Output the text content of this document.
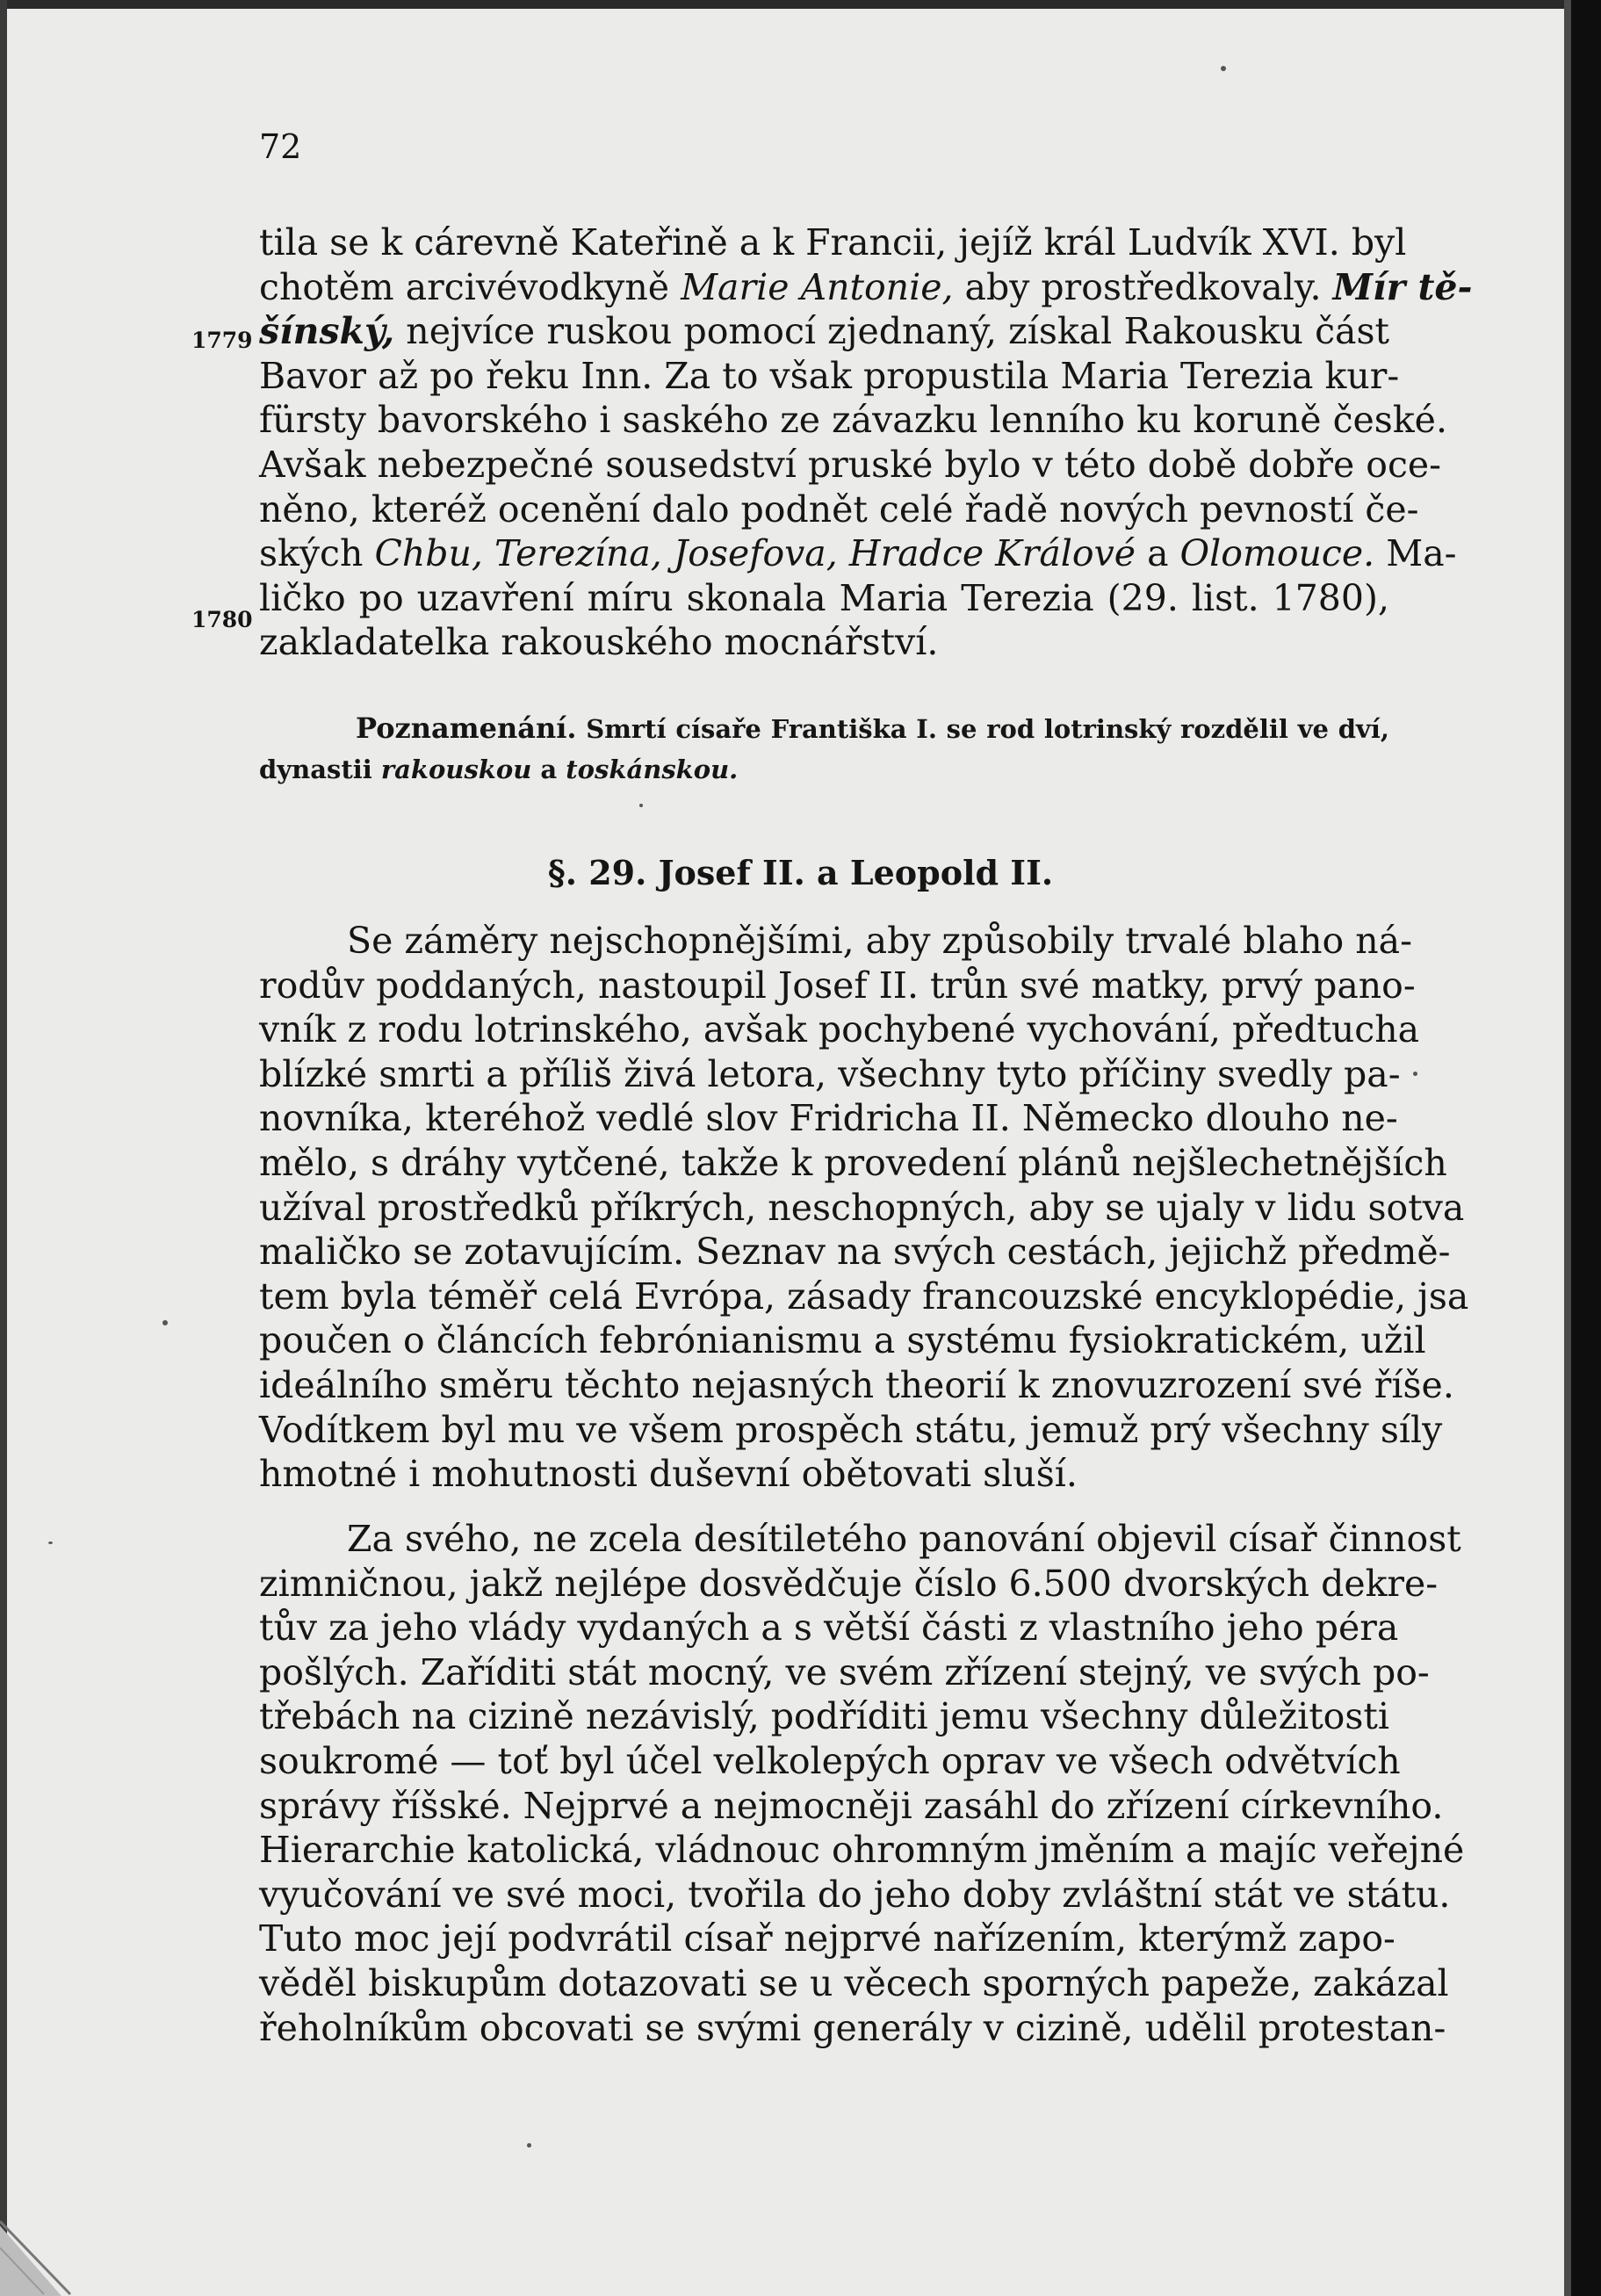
72
1779
1780
tila se k cárevně Kateřině a k Francii, jejíž král Ludvík XVI. byl
chotěm arcivévodkyně Marie Antonie, aby prostředkovaly. Mír tě-
šínský, nejvíce ruskou pomocí zjednaný, získal Rakousku část
Bavor až po řeku Inn. Za to však propustila Maria Terezia kur-
fürsty bavorského i saského ze závazku lenního ku koruně české.
Avšak nebezpečné sousedství pruské bylo v této době dobře oce-
něno, kteréž ocenění dalo podnět celé řadě nových pevností če-
ských Chbu, Terezína, Josefova, Hradce Králové a Olomouce. Ma-
ličko po uzavření míru skonala Maria Terezia (29. list. 1780),
zakladatelka rakouského mocnářství.
Poznamenání. Smrtí císaře Františka I. se rod lotrinský rozdělil ve dví,
dynastii rakouskou a toskánskou.
§. 29. Josef II. a Leopold II.
Se záměry nejschopnějšími, aby způsobily trvalé blaho ná-
rodův poddaných, nastoupil Josef II. trůn své matky, prvý pano-
vník z rodu lotrinského, avšak pochybené vychování, předtucha
blízké smrti a příliš živá letora, všechny tyto příčiny svedly pa-
novníka, kteréhož vedlé slov Fridricha II. Německo dlouho ne-
mělo, s dráhy vytčené, takže k provedení plánů nejšlechetnějších
užíval prostředků příkrých, neschopných, aby se ujaly v lidu sotva
maličko se zotavujícím. Seznav na svých cestách, jejichž předmě-
tem byla téměř celá Evrópa, zásady francouzské encyklopédie, jsa
poučen o článcích febrónianismu a systému fysiokratickém, užil
ideálního směru těchto nejasných theorií k znovuzrození své říše.
Vodítkem byl mu ve všem prospěch státu, jemuž prý všechny síly
hmotné i mohutnosti duševní obětovati sluší.
Za svého, ne zcela desítiletého panování objevil císař činnost
zimničnou, jakž nejlépe dosvědčuje číslo 6.500 dvorských dekre-
tův za jeho vlády vydaných a s větší části z vlastního jeho péra
pošlých. Zaříditi stát mocný, ve svém zřízení stejný, ve svých po-
třebách na cizině nezávislý, podříditi jemu všechny důležitosti
soukromé — toť byl účel velkolepých oprav ve všech odvětvích
správy říšské. Nejprvé a nejmocněji zasáhl do zřízení církevního.
Hierarchie katolická, vládnouc ohromným jměním a majíc veřejné
vyučování ve své moci, tvořila do jeho doby zvláštní stát ve státu.
Tuto moc její podvrátil císař nejprvé nařízením, kterýmž zapo-
věděl biskupům dotazovati se u věcech sporných papeže, zakázal
řeholníkům obcovati se svými generály v cizině, udělil protestan-
